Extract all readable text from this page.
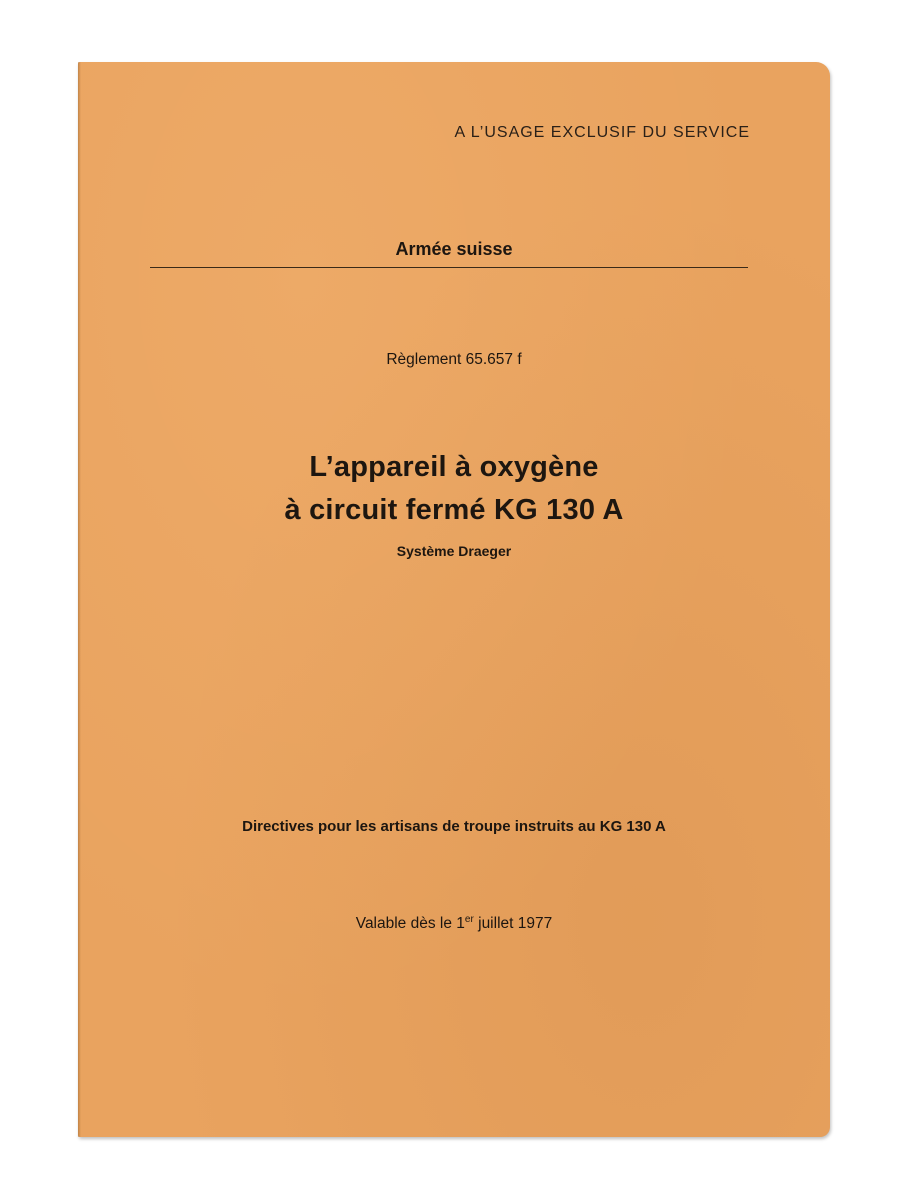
A L’USAGE EXCLUSIF DU SERVICE

Armée suisse

Règlement 65.657 f

L’appareil à oxygène
à circuit fermé KG 130 A

Système Draeger

Directives pour les artisans de troupe instruits au KG 130 A

Valable dès le 1er juillet 1977
